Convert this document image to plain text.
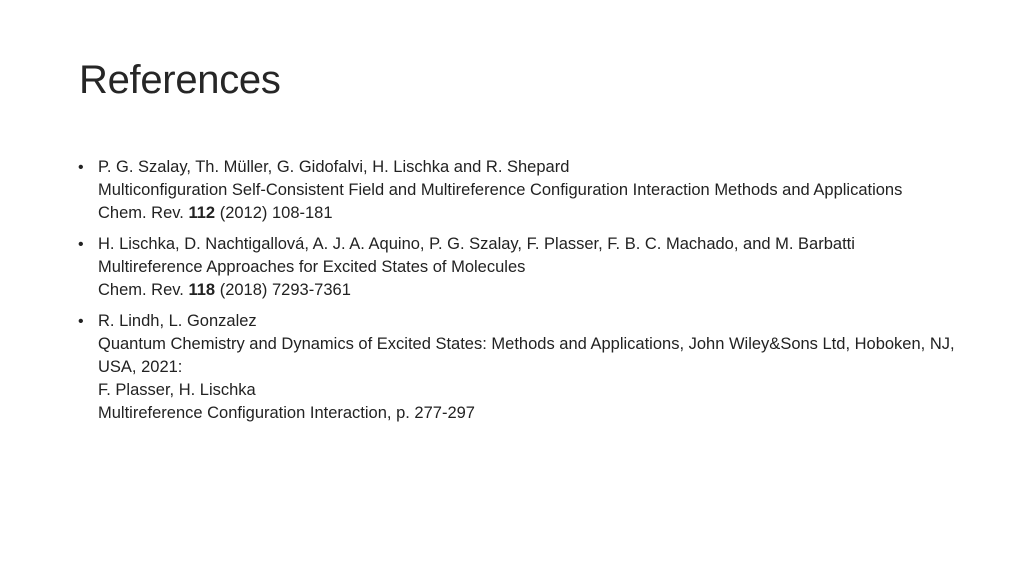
References
• P. G. Szalay, Th. Müller, G. Gidofalvi, H. Lischka and R. Shepard
Multiconfiguration Self-Consistent Field and Multireference Configuration Interaction Methods and Applications
Chem. Rev. 112 (2012) 108-181
• H. Lischka, D. Nachtigallová, A. J. A. Aquino, P. G. Szalay, F. Plasser, F. B. C. Machado, and M. Barbatti
Multireference Approaches for Excited States of Molecules
Chem. Rev. 118 (2018) 7293-7361
• R. Lindh, L. Gonzalez
Quantum Chemistry and Dynamics of Excited States: Methods and Applications, John Wiley&Sons Ltd, Hoboken, NJ, USA, 2021:
F. Plasser, H. Lischka
Multireference Configuration Interaction, p. 277-297
